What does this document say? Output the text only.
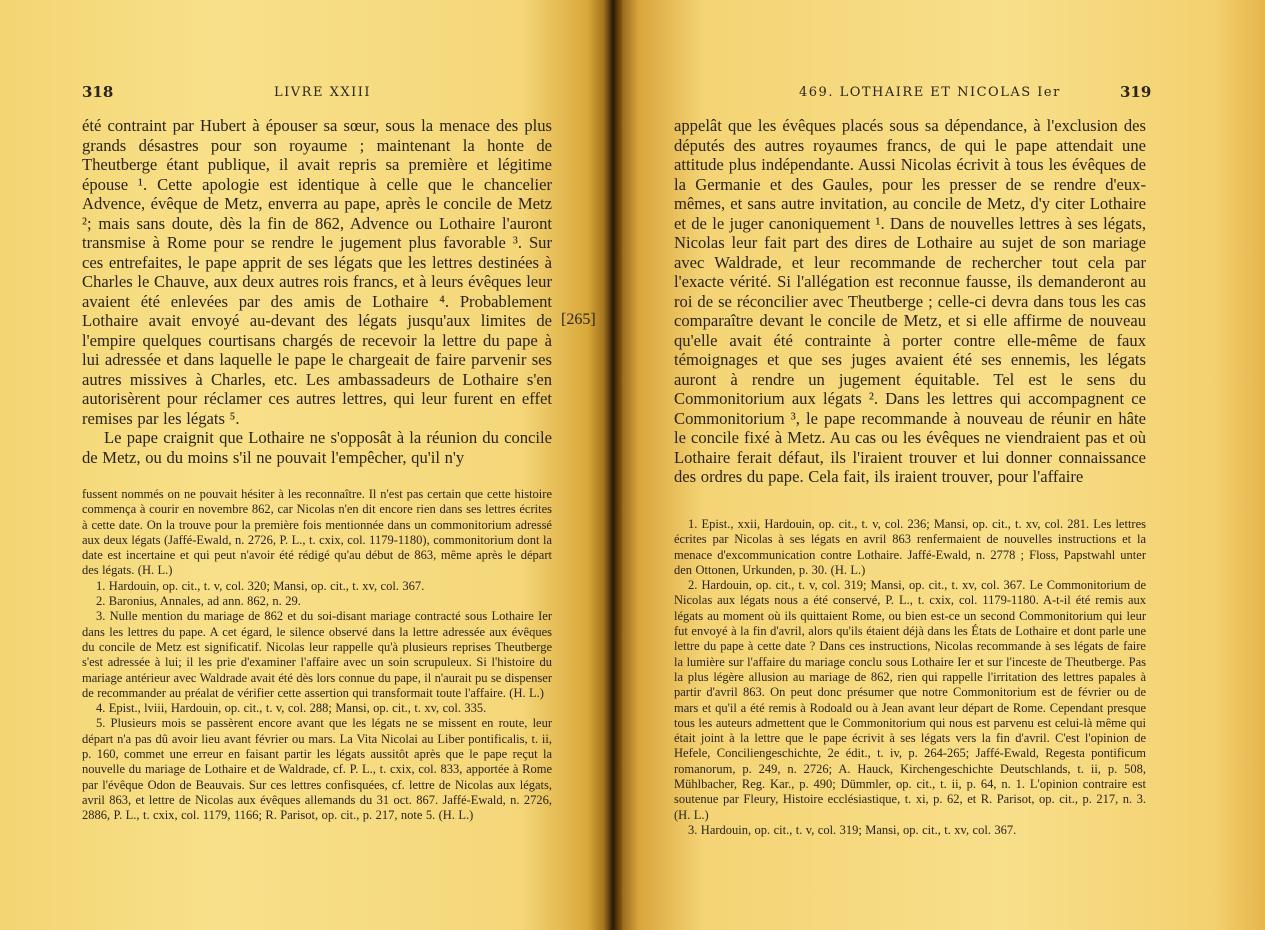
318	LIVRE XXIII

été contraint par Hubert à épouser sa sœur, sous la menace des plus grands désastres pour son royaume ; maintenant la honte de Theutberge étant publique, il avait repris sa première et légitime épouse ¹. Cette apologie est identique à celle que le chancelier Advence, évêque de Metz, enverra au pape, après le concile de Metz ²; mais sans doute, dès la fin de 862, Advence ou Lothaire l'auront transmise à Rome pour se rendre le jugement plus favorable ³. Sur ces entrefaites, le pape apprit de ses légats que les lettres destinées à Charles le Chauve, aux deux autres rois francs, et à leurs évêques leur avaient été enlevées par des amis de Lothaire ⁴. Probablement Lothaire avait envoyé au-devant des légats jusqu'aux limites de l'empire quelques courtisans chargés de recevoir la lettre du pape à lui adressée et dans laquelle le pape le chargeait de faire parvenir ses autres missives à Charles, etc. Les ambassadeurs de Lothaire s'en autorisèrent pour réclamer ces autres lettres, qui leur furent en effet remises par les légats ⁵.

Le pape craignit que Lothaire ne s'opposât à la réunion du concile de Metz, ou du moins s'il ne pouvait l'empêcher, qu'il n'y

[265]

fussent nommés on ne pouvait hésiter à les reconnaître. Il n'est pas certain que cette histoire commença à courir en novembre 862, car Nicolas n'en dit encore rien dans ses lettres écrites à cette date. On la trouve pour la première fois mentionnée dans un commonitorium adressé aux deux légats (Jaffé-Ewald, n. 2726, P. L., t. cxix, col. 1179-1180), commonitorium dont la date est incertaine et qui peut n'avoir été rédigé qu'au début de 863, même après le départ des légats. (H. L.)

1. Hardouin, op. cit., t. v, col. 320; Mansi, op. cit., t. xv, col. 367.

2. Baronius, Annales, ad ann. 862, n. 29.

3. Nulle mention du mariage de 862 et du soi-disant mariage contracté sous Lothaire Ier dans les lettres du pape. A cet égard, le silence observé dans la lettre adressée aux évêques du concile de Metz est significatif. Nicolas leur rappelle qu'à plusieurs reprises Theutberge s'est adressée à lui; il les prie d'examiner l'affaire avec un soin scrupuleux. Si l'histoire du mariage antérieur avec Waldrade avait été dès lors connue du pape, il n'aurait pu se dispenser de recommander au préalat de vérifier cette assertion qui transformait toute l'affaire. (H. L.)

4. Epist., lviii, Hardouin, op. cit., t. v, col. 288; Mansi, op. cit., t. xv, col. 335.

5. Plusieurs mois se passèrent encore avant que les légats ne se missent en route, leur départ n'a pas dû avoir lieu avant février ou mars. La Vita Nicolai au Liber pontificalis, t. ii, p. 160, commet une erreur en faisant partir les légats aussitôt après que le pape reçut la nouvelle du mariage de Lothaire et de Waldrade, cf. P. L., t. cxix, col. 833, apportée à Rome par l'évêque Odon de Beauvais. Sur ces lettres confisquées, cf. lettre de Nicolas aux légats, avril 863, et lettre de Nicolas aux évêques allemands du 31 oct. 867. Jaffé-Ewald, n. 2726, 2886, P. L., t. cxix, col. 1179, 1166; R. Parisot, op. cit., p. 217, note 5. (H. L.)

469. LOTHAIRE ET NICOLAS Ier	319

appelât que les évêques placés sous sa dépendance, à l'exclusion des députés des autres royaumes francs, de qui le pape attendait une attitude plus indépendante. Aussi Nicolas écrivit à tous les évêques de la Germanie et des Gaules, pour les presser de se rendre d'eux-mêmes, et sans autre invitation, au concile de Metz, d'y citer Lothaire et de le juger canoniquement ¹. Dans de nouvelles lettres à ses légats, Nicolas leur fait part des dires de Lothaire au sujet de son mariage avec Waldrade, et leur recommande de rechercher tout cela par l'exacte vérité. Si l'allégation est reconnue fausse, ils demanderont au roi de se réconcilier avec Theutberge ; celle-ci devra dans tous les cas comparaître devant le concile de Metz, et si elle affirme de nouveau qu'elle avait été contrainte à porter contre elle-même de faux témoignages et que ses juges avaient été ses ennemis, les légats auront à rendre un jugement équitable. Tel est le sens du Commonitorium aux légats ². Dans les lettres qui accompagnent ce Commonitorium ³, le pape recommande à nouveau de réunir en hâte le concile fixé à Metz. Au cas ou les évêques ne viendraient pas et où Lothaire ferait défaut, ils l'iraient trouver et lui donner connaissance des ordres du pape. Cela fait, ils iraient trouver, pour l'affaire

1. Epist., xxii, Hardouin, op. cit., t. v, col. 236; Mansi, op. cit., t. xv, col. 281. Les lettres écrites par Nicolas à ses légats en avril 863 renfermaient de nouvelles instructions et la menace d'excommunication contre Lothaire. Jaffé-Ewald, n. 2778 ; Floss, Papstwahl unter den Ottonen, Urkunden, p. 30. (H. L.)

2. Hardouin, op. cit., t. v, col. 319; Mansi, op. cit., t. xv, col. 367. Le Commonitorium de Nicolas aux légats nous a été conservé, P. L., t. cxix, col. 1179-1180. A-t-il été remis aux légats au moment où ils quittaient Rome, ou bien est-ce un second Commonitorium qui leur fut envoyé à la fin d'avril, alors qu'ils étaient déjà dans les États de Lothaire et dont parle une lettre du pape à cette date ? Dans ces instructions, Nicolas recommande à ses légats de faire la lumière sur l'affaire du mariage conclu sous Lothaire Ier et sur l'inceste de Theutberge. Pas la plus légère allusion au mariage de 862, rien qui rappelle l'irritation des lettres papales à partir d'avril 863. On peut donc présumer que notre Commonitorium est de février ou de mars et qu'il a été remis à Rodoald ou à Jean avant leur départ de Rome. Cependant presque tous les auteurs admettent que le Commonitorium qui nous est parvenu est celui-là même qui était joint à la lettre que le pape écrivit à ses légats vers la fin d'avril. C'est l'opinion de Hefele, Conciliengeschichte, 2e édit., t. iv, p. 264-265; Jaffé-Ewald, Regesta pontificum romanorum, p. 249, n. 2726; A. Hauck, Kirchengeschichte Deutschlands, t. ii, p. 508, Mühlbacher, Reg. Kar., p. 490; Dümmler, op. cit., t. ii, p. 64, n. 1. L'opinion contraire est soutenue par Fleury, Histoire ecclésiastique, t. xi, p. 62, et R. Parisot, op. cit., p. 217, n. 3. (H. L.)

3. Hardouin, op. cit., t. v, col. 319; Mansi, op. cit., t. xv, col. 367.
